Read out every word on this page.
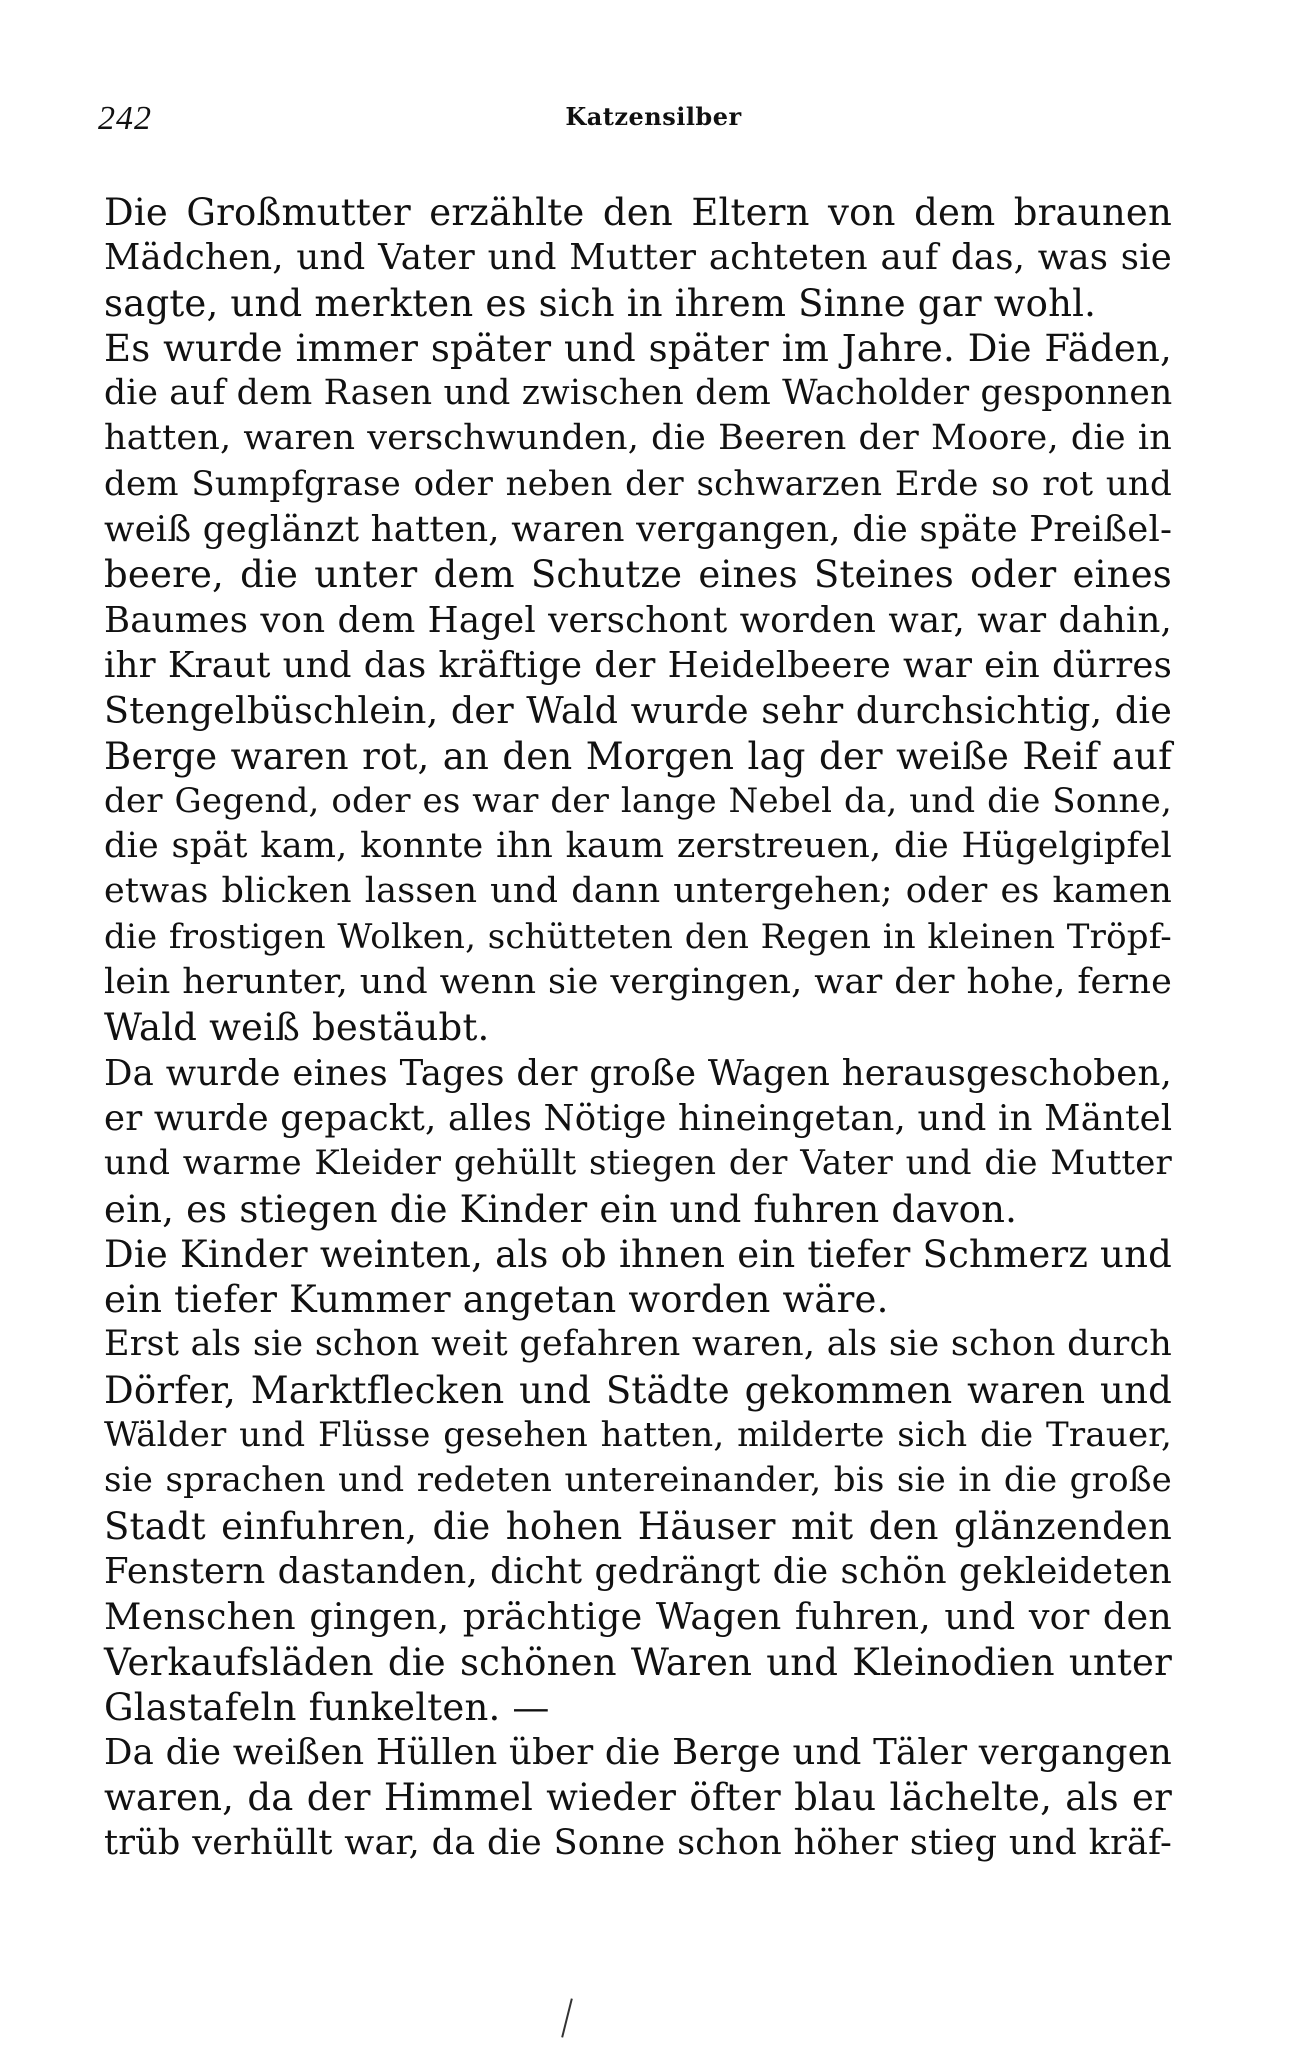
242	Katzensilber
Die Großmutter erzählte den Eltern von dem braunen
Mädchen, und Vater und Mutter achteten auf das, was sie
sagte, und merkten es sich in ihrem Sinne gar wohl.
Es wurde immer später und später im Jahre. Die Fäden,
die auf dem Rasen und zwischen dem Wacholder gesponnen
hatten, waren verschwunden, die Beeren der Moore, die in
dem Sumpfgrase oder neben der schwarzen Erde so rot und
weiß geglänzt hatten, waren vergangen, die späte Preißel-
beere, die unter dem Schutze eines Steines oder eines
Baumes von dem Hagel verschont worden war, war dahin,
ihr Kraut und das kräftige der Heidelbeere war ein dürres
Stengelbüschlein, der Wald wurde sehr durchsichtig, die
Berge waren rot, an den Morgen lag der weiße Reif auf
der Gegend, oder es war der lange Nebel da, und die Sonne,
die spät kam, konnte ihn kaum zerstreuen, die Hügelgipfel
etwas blicken lassen und dann untergehen; oder es kamen
die frostigen Wolken, schütteten den Regen in kleinen Tröpf-
lein herunter, und wenn sie vergingen, war der hohe, ferne
Wald weiß bestäubt.
Da wurde eines Tages der große Wagen herausgeschoben,
er wurde gepackt, alles Nötige hineingetan, und in Mäntel
und warme Kleider gehüllt stiegen der Vater und die Mutter
ein, es stiegen die Kinder ein und fuhren davon.
Die Kinder weinten, als ob ihnen ein tiefer Schmerz und
ein tiefer Kummer angetan worden wäre.
Erst als sie schon weit gefahren waren, als sie schon durch
Dörfer, Marktflecken und Städte gekommen waren und
Wälder und Flüsse gesehen hatten, milderte sich die Trauer,
sie sprachen und redeten untereinander, bis sie in die große
Stadt einfuhren, die hohen Häuser mit den glänzenden
Fenstern dastanden, dicht gedrängt die schön gekleideten
Menschen gingen, prächtige Wagen fuhren, und vor den
Verkaufsläden die schönen Waren und Kleinodien unter
Glastafeln funkelten. —
Da die weißen Hüllen über die Berge und Täler vergangen
waren, da der Himmel wieder öfter blau lächelte, als er
trüb verhüllt war, da die Sonne schon höher stieg und kräf-
